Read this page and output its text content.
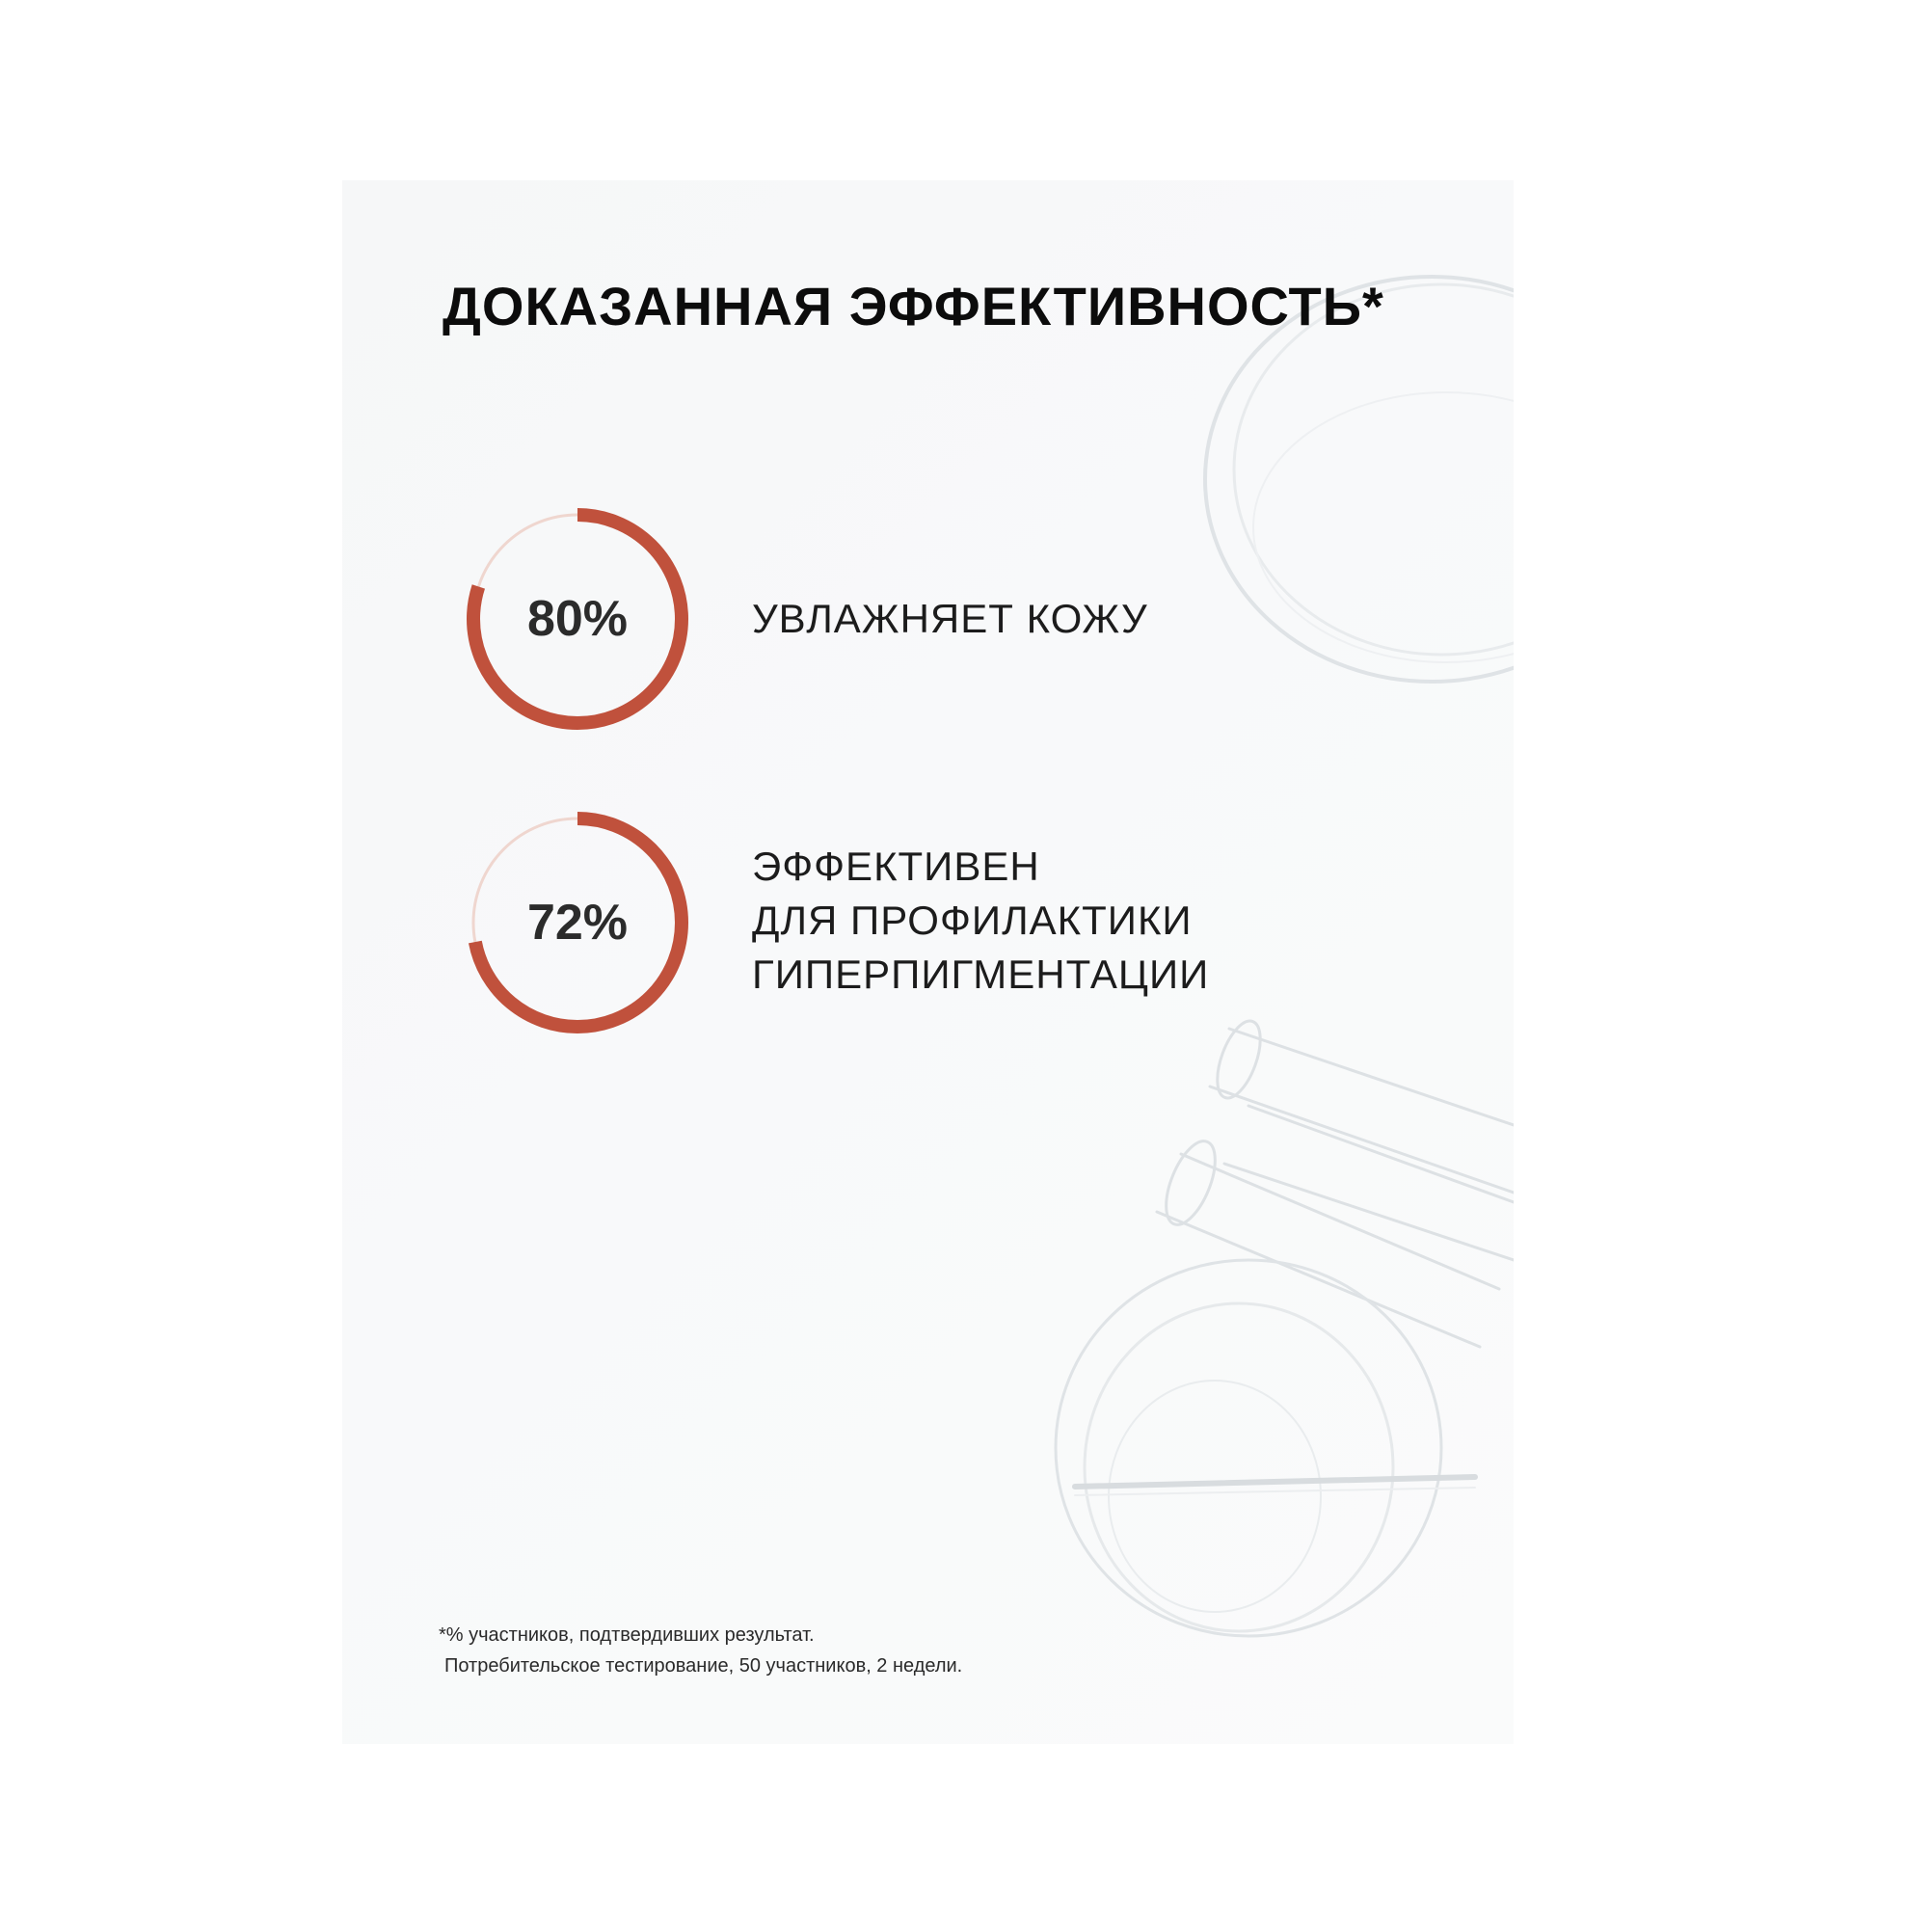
ДОКАЗАННАЯ ЭФФЕКТИВНОСТЬ*
80%	УВЛАЖНЯЕТ КОЖУ
72%
ЭФФЕКТИВЕН
ДЛЯ ПРОФИЛАКТИКИ
ГИПЕРПИГМЕНТАЦИИ
*% участников, подтвердивших результат.
Потребительское тестирование, 50 участников, 2 недели.
